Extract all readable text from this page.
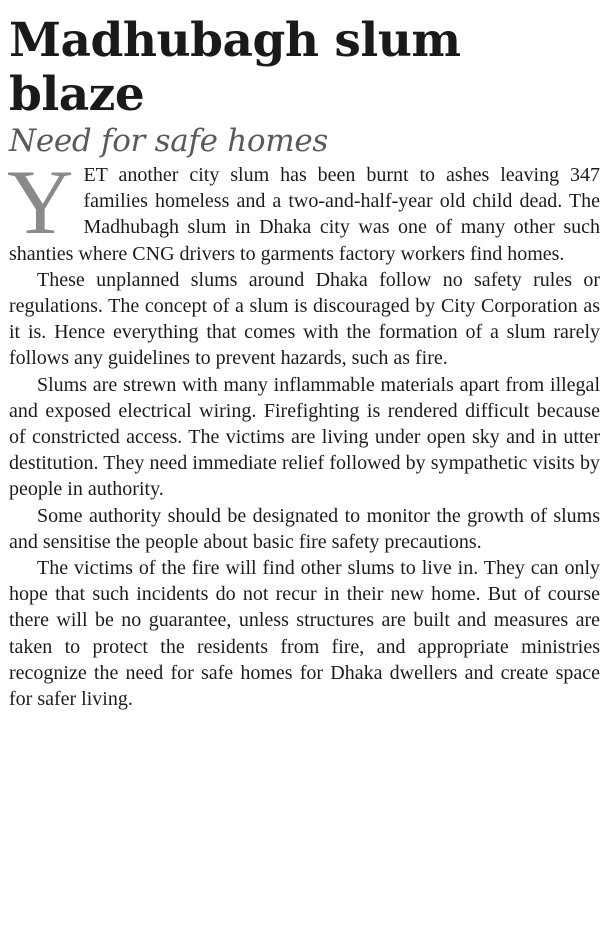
Madhubagh slum blaze
Need for safe homes

YET another city slum has been burnt to ashes leaving 347 families homeless and a two-and-half-year old child dead. The Madhubagh slum in Dhaka city was one of many other such shanties where CNG drivers to garments factory workers find homes.

These unplanned slums around Dhaka follow no safety rules or regulations. The concept of a slum is discouraged by City Corporation as it is. Hence everything that comes with the formation of a slum rarely follows any guidelines to prevent hazards, such as fire.

Slums are strewn with many inflammable materials apart from illegal and exposed electrical wiring. Firefighting is rendered difficult because of constricted access. The victims are living under open sky and in utter destitution. They need immediate relief followed by sympathetic visits by people in authority.

Some authority should be designated to monitor the growth of slums and sensitise the people about basic fire safety precautions.

The victims of the fire will find other slums to live in. They can only hope that such incidents do not recur in their new home. But of course there will be no guarantee, unless structures are built and measures are taken to protect the residents from fire, and appropriate ministries recognize the need for safe homes for Dhaka dwellers and create space for safer living.
